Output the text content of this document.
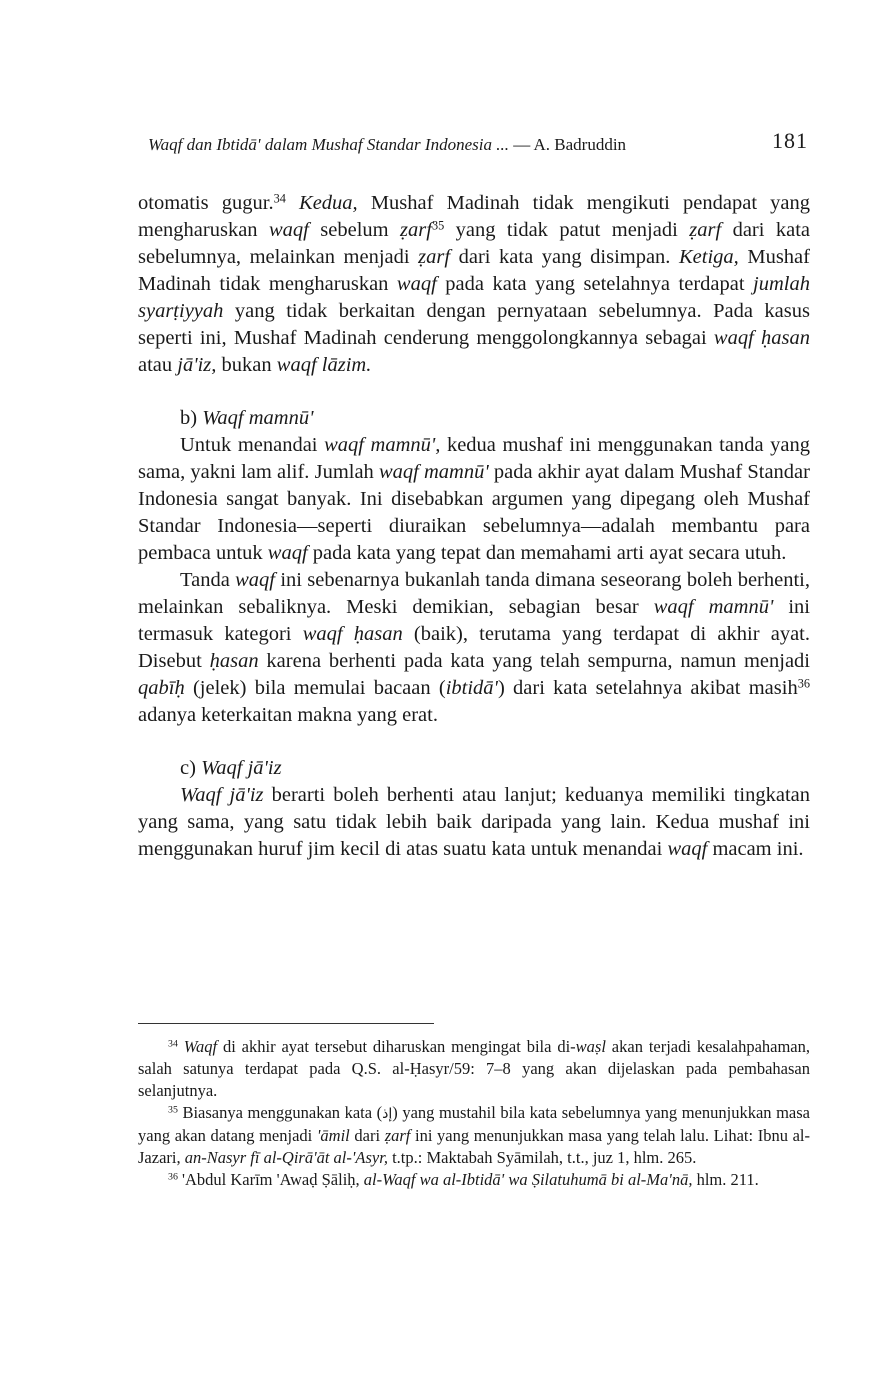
Waqf dan Ibtidā' dalam Mushaf Standar Indonesia ... — A. Badruddin	181

otomatis gugur.$^{34}$ Kedua, Mushaf Madinah tidak mengikuti pendapat yang mengharuskan waqf sebelum ẓarf$^{35}$ yang tidak patut menjadi ẓarf dari kata sebelumnya, melainkan menjadi ẓarf dari kata yang disimpan. Ketiga, Mushaf Madinah tidak mengharuskan waqf pada kata yang setelahnya terdapat jumlah syarṭiyyah yang tidak berkaitan dengan pernyataan sebelumnya. Pada kasus seperti ini, Mushaf Madinah cenderung menggolongkannya sebagai waqf ḥasan atau jā'iz, bukan waqf lāzim.

b) Waqf mamnū'

Untuk menandai waqf mamnū', kedua mushaf ini menggunakan tanda yang sama, yakni lam alif. Jumlah waqf mamnū' pada akhir ayat dalam Mushaf Standar Indonesia sangat banyak. Ini disebabkan argumen yang dipegang oleh Mushaf Standar Indonesia—seperti diuraikan sebelumnya—adalah membantu para pembaca untuk waqf pada kata yang tepat dan memahami arti ayat secara utuh.

Tanda waqf ini sebenarnya bukanlah tanda dimana seseorang boleh berhenti, melainkan sebaliknya. Meski demikian, sebagian besar waqf mamnū' ini termasuk kategori waqf ḥasan (baik), terutama yang terdapat di akhir ayat. Disebut ḥasan karena berhenti pada kata yang telah sempurna, namun menjadi qabīḥ (jelek) bila memulai bacaan (ibtidā') dari kata setelahnya akibat masih$^{36}$ adanya keterkaitan makna yang erat.

c) Waqf jā'iz

Waqf jā'iz berarti boleh berhenti atau lanjut; keduanya memiliki tingkatan yang sama, yang satu tidak lebih baik daripada yang lain. Kedua mushaf ini menggunakan huruf jim kecil di atas suatu kata untuk menandai waqf macam ini.

$^{34}$ Waqf di akhir ayat tersebut diharuskan mengingat bila di-waṣl akan terjadi kesalahpahaman, salah satunya terdapat pada Q.S. al-Ḥasyr/59: 7–8 yang akan dijelaskan pada pembahasan selanjutnya.

$^{35}$ Biasanya menggunakan kata (إذ) yang mustahil bila kata sebelumnya yang menunjukkan masa yang akan datang menjadi 'āmil dari ẓarf ini yang menunjukkan masa yang telah lalu. Lihat: Ibnu al-Jazari, an-Nasyr fī al-Qirā'āt al-'Asyr, t.tp.: Maktabah Syāmilah, t.t., juz 1, hlm. 265.

$^{36}$ 'Abdul Karīm 'Awaḍ Ṣāliḥ, al-Waqf wa al-Ibtidā' wa Ṣilatuhumā bi al-Ma'nā, hlm. 211.
